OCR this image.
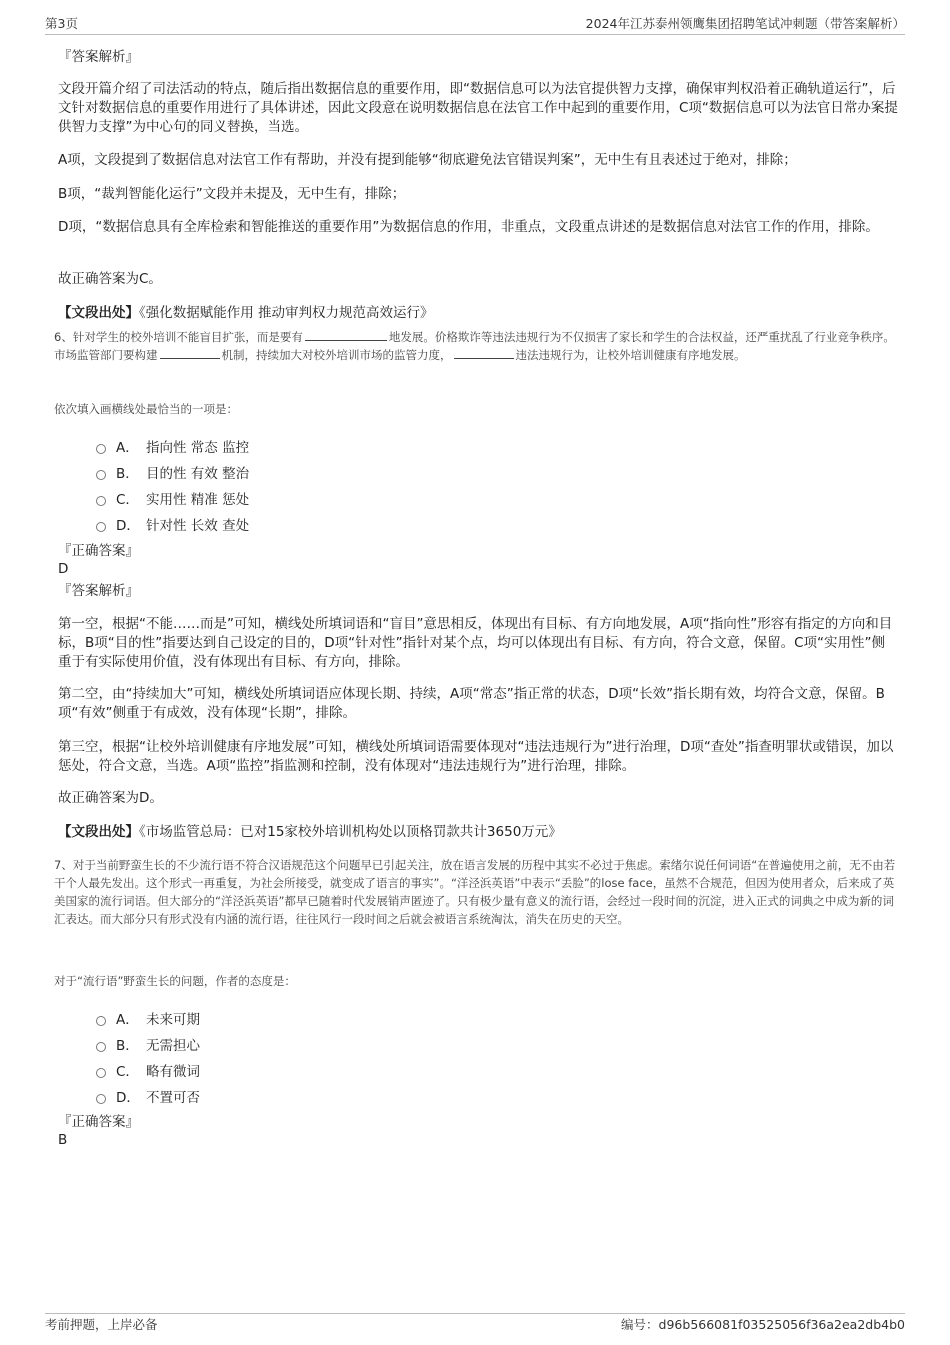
第3页	2024年江苏泰州领鹰集团招聘笔试冲刺题（带答案解析）

『答案解析』

文段开篇介绍了司法活动的特点，随后指出数据信息的重要作用，即“数据信息可以为法官提供智力支撑，确保审判权沿着正确轨道运行”，后文针对数据信息的重要作用进行了具体讲述，因此文段意在说明数据信息在法官工作中起到的重要作用，C项“数据信息可以为法官日常办案提供智力支撑”为中心句的同义替换，当选。

A项，文段提到了数据信息对法官工作有帮助，并没有提到能够“彻底避免法官错误判案”，无中生有且表述过于绝对，排除；

B项，“裁判智能化运行”文段并未提及，无中生有，排除；

D项，“数据信息具有全库检索和智能推送的重要作用”为数据信息的作用，非重点，文段重点讲述的是数据信息对法官工作的作用，排除。

故正确答案为C。

【文段出处】《强化数据赋能作用 推动审判权力规范高效运行》

6、针对学生的校外培训不能盲目扩张，而是要有	地发展。价格欺诈等违法违规行为不仅损害了家长和学生的合法权益，还严重扰乱了行业竞争秩序。市场监管部门要构建	机制，持续加大对校外培训市场的监管力度，	违法违规行为，让校外培训健康有序地发展。

依次填入画横线处最恰当的一项是：

A． 指向性 常态 监控
B． 目的性 有效 整治
C． 实用性 精准 惩处
D． 针对性 长效 查处

『正确答案』

D

『答案解析』

第一空，根据“不能……而是”可知，横线处所填词语和“盲目”意思相反，体现出有目标、有方向地发展，A项“指向性”形容有指定的方向和目标，B项“目的性”指要达到自己设定的目的，D项“针对性”指针对某个点，均可以体现出有目标、有方向，符合文意，保留。C项“实用性”侧重于有实际使用价值，没有体现出有目标、有方向，排除。

第二空，由“持续加大”可知，横线处所填词语应体现长期、持续，A项“常态”指正常的状态，D项“长效”指长期有效，均符合文意，保留。B项“有效”侧重于有成效，没有体现“长期”，排除。

第三空，根据“让校外培训健康有序地发展”可知，横线处所填词语需要体现对“违法违规行为”进行治理，D项“查处”指查明罪状或错误，加以惩处，符合文意，当选。A项“监控”指监测和控制，没有体现对“违法违规行为”进行治理，排除。

故正确答案为D。

【文段出处】《市场监管总局：已对15家校外培训机构处以顶格罚款共计3650万元》

7、对于当前野蛮生长的不少流行语不符合汉语规范这个问题早已引起关注，放在语言发展的历程中其实不必过于焦虑。索绪尔说任何词语“在普遍使用之前，无不由若干个人最先发出。这个形式一再重复，为社会所接受，就变成了语言的事实”。“洋泾浜英语”中表示“丢脸”的lose face，虽然不合规范，但因为使用者众，后来成了英美国家的流行词语。但大部分的“洋泾浜英语”都早已随着时代发展销声匿迹了。只有极少量有意义的流行语，会经过一段时间的沉淀，进入正式的词典之中成为新的词汇表达。而大部分只有形式没有内涵的流行语，往往风行一段时间之后就会被语言系统淘汰，消失在历史的天空。

对于“流行语”野蛮生长的问题，作者的态度是：

A． 未来可期
B． 无需担心
C． 略有微词
D． 不置可否

『正确答案』

B

考前押题，上岸必备	编号：d96b566081f03525056f36a2ea2db4b0
